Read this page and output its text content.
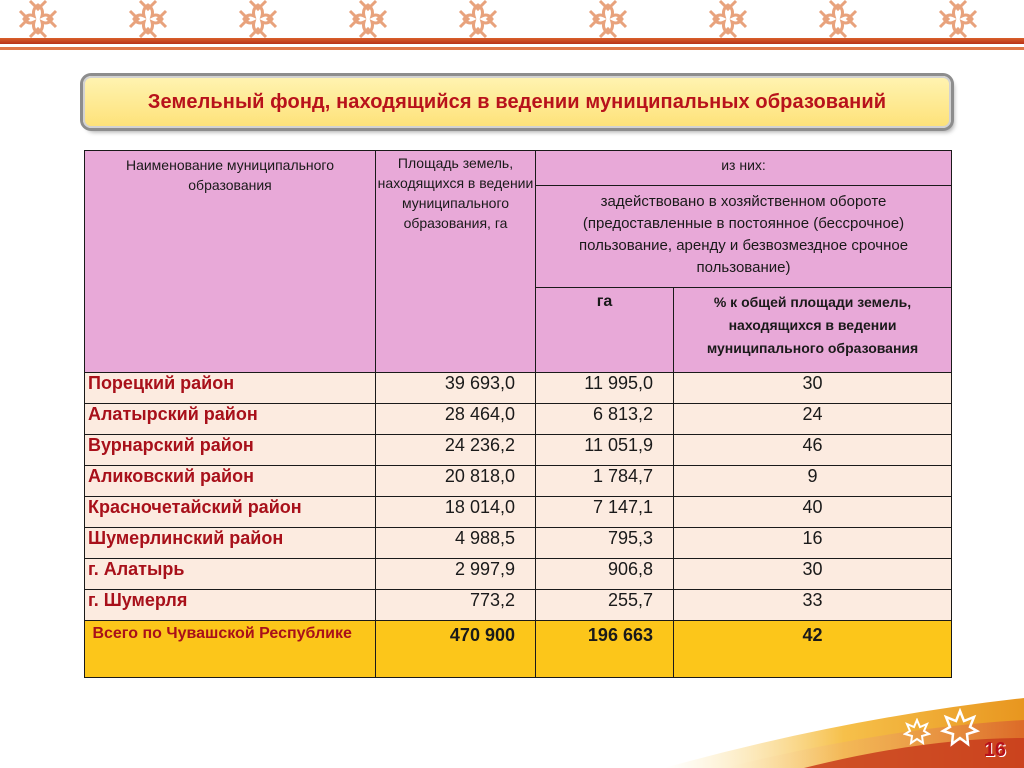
Земельный фонд, находящийся в ведении муниципальных образований
Наименование муниципального образования	Площадь земель, находящихся в ведении муниципального образования, га	из них:	
		задействовано в хозяйственном обороте (предоставленные в постоянное (бессрочное) пользование, аренду и безвозмездное срочное пользование)	
		га	% к общей площади земель, находящихся в ведении муниципального образования
Порецкий район	39 693,0	11 995,0	30
Алатырский район	28 464,0	6 813,2	24
Вурнарский район	24 236,2	11 051,9	46
Аликовский район	20 818,0	1 784,7	9
Красночетайский район	18 014,0	7 147,1	40
Шумерлинский район	4 988,5	795,3	16
г. Алатырь	2 997,9	906,8	30
г. Шумерля	773,2	255,7	33
Всего по Чувашской Республике	470 900	196 663	42
16
